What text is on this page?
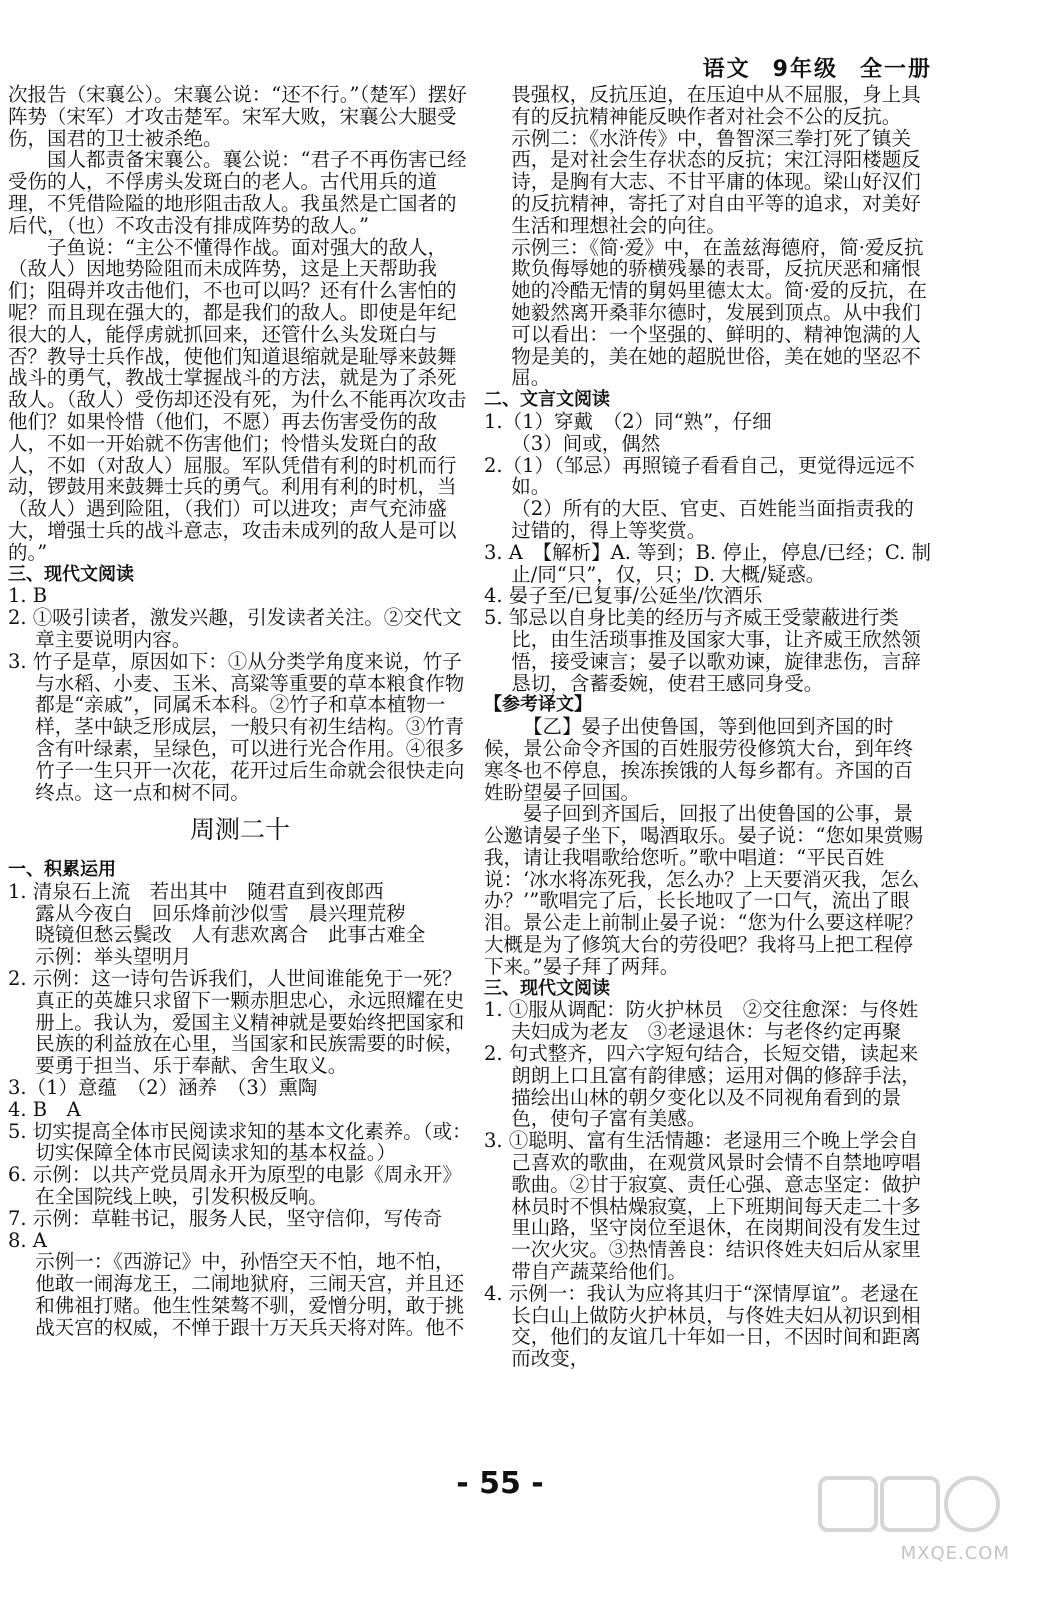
语文 9年级 全一册
次报告（宋襄公）。宋襄公说：“还不行。”（楚军）摆好阵势（宋军）才攻击楚军。宋军大败，宋襄公大腿受伤，国君的卫士被杀绝。
国人都责备宋襄公。襄公说：“君子不再伤害已经受伤的人，不俘虏头发斑白的老人。古代用兵的道理，不凭借险隘的地形阻击敌人。我虽然是亡国者的后代，（也）不攻击没有排成阵势的敌人。”
子鱼说：“主公不懂得作战。面对强大的敌人，（敌人）因地势险阻而未成阵势，这是上天帮助我们；阻碍并攻击他们，不也可以吗？还有什么害怕的呢？而且现在强大的，都是我们的敌人。即使是年纪很大的人，能俘虏就抓回来，还管什么头发斑白与否？教导士兵作战，使他们知道退缩就是耻辱来鼓舞战斗的勇气，教战士掌握战斗的方法，就是为了杀死敌人。（敌人）受伤却还没有死，为什么不能再次攻击他们？如果怜惜（他们，不愿）再去伤害受伤的敌人，不如一开始就不伤害他们；怜惜头发斑白的敌人，不如（对敌人）屈服。军队凭借有利的时机而行动，锣鼓用来鼓舞士兵的勇气。利用有利的时机，当（敌人）遇到险阻，（我们）可以进攻；声气充沛盛大，增强士兵的战斗意志，攻击未成列的敌人是可以的。”
三、现代文阅读
1. B
2. ①吸引读者，激发兴趣，引发读者关注。②交代文章主要说明内容。
3. 竹子是草，原因如下：①从分类学角度来说，竹子与水稻、小麦、玉米、高粱等重要的草本粮食作物都是“亲戚”，同属禾本科。②竹子和草本植物一样，茎中缺乏形成层，一般只有初生结构。③竹青含有叶绿素，呈绿色，可以进行光合作用。④很多竹子一生只开一次花，花开过后生命就会很快走向终点。这一点和树不同。
周测二十
一、积累运用
1. 清泉石上流　若出其中　随君直到夜郎西
露从今夜白　回乐烽前沙似雪　晨兴理荒秽
晓镜但愁云鬓改　人有悲欢离合　此事古难全
示例：举头望明月
2. 示例：这一诗句告诉我们，人世间谁能免于一死？真正的英雄只求留下一颗赤胆忠心，永远照耀在史册上。我认为，爱国主义精神就是要始终把国家和民族的利益放在心里，当国家和民族需要的时候，要勇于担当、乐于奉献、舍生取义。
3.（1）意蕴　（2）涵养　（3）熏陶
4. B　A
5. 切实提高全体市民阅读求知的基本文化素养。（或：切实保障全体市民阅读求知的基本权益。）
6. 示例：以共产党员周永开为原型的电影《周永开》在全国院线上映，引发积极反响。
7. 示例：草鞋书记，服务人民，坚守信仰，写传奇
8. A
示例一：《西游记》中，孙悟空天不怕，地不怕，他敢一闹海龙王，二闹地狱府，三闹天宫，并且还和佛祖打赌。他生性桀骜不驯，爱憎分明，敢于挑战天宫的权威，不惮于跟十万天兵天将对阵。他不
畏强权，反抗压迫，在压迫中从不屈服，身上具有的反抗精神能反映作者对社会不公的反抗。
示例二：《水浒传》中，鲁智深三拳打死了镇关西，是对社会生存状态的反抗；宋江浔阳楼题反诗，是胸有大志、不甘平庸的体现。梁山好汉们的反抗精神，寄托了对自由平等的追求，对美好生活和理想社会的向往。
示例三：《简·爱》中，在盖兹海德府，简·爱反抗欺负侮辱她的骄横残暴的表哥，反抗厌恶和痛恨她的冷酷无情的舅妈里德太太。简·爱的反抗，在她毅然离开桑菲尔德时，发展到顶点。从中我们可以看出：一个坚强的、鲜明的、精神饱满的人物是美的，美在她的超脱世俗，美在她的坚忍不屈。
二、文言文阅读
1.（1）穿戴　（2）同“熟”，仔细
（3）间或，偶然
2.（1）（邹忌）再照镜子看看自己，更觉得远远不如。
（2）所有的大臣、官吏、百姓能当面指责我的过错的，得上等奖赏。
3. A　【解析】A. 等到；B. 停止，停息/已经；C. 制止/同“只”，仅，只；D. 大概/疑惑。
4. 晏子至/已复事/公延坐/饮酒乐
5. 邹忌以自身比美的经历与齐威王受蒙蔽进行类比，由生活琐事推及国家大事，让齐威王欣然领悟，接受谏言；晏子以歌劝谏，旋律悲伤，言辞恳切，含蓄委婉，使君王感同身受。
【参考译文】
【乙】晏子出使鲁国，等到他回到齐国的时候，景公命令齐国的百姓服劳役修筑大台，到年终寒冬也不停息，挨冻挨饿的人每乡都有。齐国的百姓盼望晏子回国。
晏子回到齐国后，回报了出使鲁国的公事，景公邀请晏子坐下，喝酒取乐。晏子说：“您如果赏赐我，请让我唱歌给您听。”歌中唱道：“平民百姓说：‘冰水将冻死我，怎么办？上天要消灭我，怎么办？’”歌唱完了后，长长地叹了一口气，流出了眼泪。景公走上前制止晏子说：“您为什么要这样呢？大概是为了修筑大台的劳役吧？我将马上把工程停下来。”晏子拜了两拜。
三、现代文阅读
1. ①服从调配：防火护林员　②交往愈深：与佟姓夫妇成为老友　③老逯退休：与老佟约定再聚
2. 句式整齐，四六字短句结合，长短交错，读起来朗朗上口且富有韵律感；运用对偶的修辞手法，描绘出山林的朝夕变化以及不同视角看到的景色，使句子富有美感。
3. ①聪明、富有生活情趣：老逯用三个晚上学会自己喜欢的歌曲，在观赏风景时会情不自禁地哼唱歌曲。②甘于寂寞、责任心强、意志坚定：做护林员时不惧枯燥寂寞，上下班期间每天走二十多里山路，坚守岗位至退休，在岗期间没有发生过一次火灾。③热情善良：结识佟姓夫妇后从家里带自产蔬菜给他们。
4. 示例一：我认为应将其归于“深情厚谊”。老逯在长白山上做防火护林员，与佟姓夫妇从初识到相交，他们的友谊几十年如一日，不因时间和距离而改变，
- 55 -
MXQE.COM
